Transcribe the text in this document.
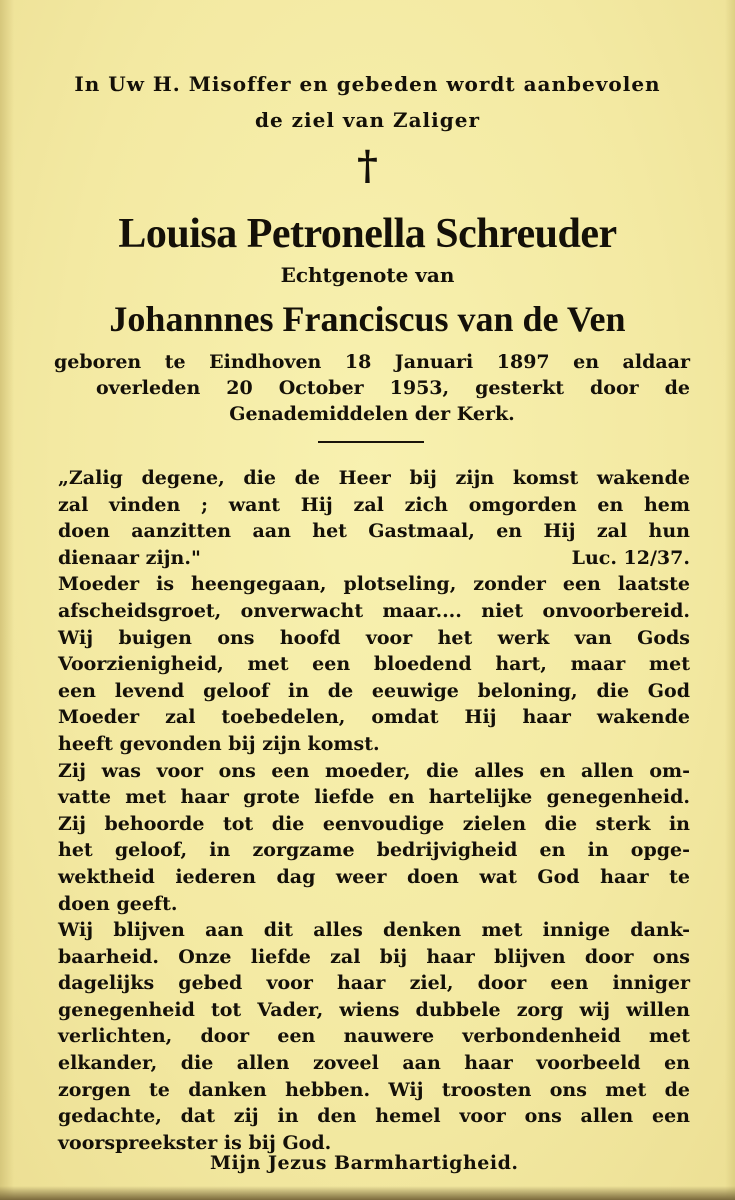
In Uw H. Misoffer en gebeden wordt aanbevolen
de ziel van Zaliger
†
Louisa Petronella Schreuder
Echtgenote van
Johannnes Franciscus van de Ven
geboren te Eindhoven 18 Januari 1897 en aldaar
overleden 20 October 1953, gesterkt door de
Genademiddelen der Kerk.
„Zalig degene, die de Heer bij zijn komst wakende
zal vinden ; want Hij zal zich omgorden en hem
doen aanzitten aan het Gastmaal, en Hij zal hun
dienaar zijn."	Luc. 12/37.
Moeder is heengegaan, plotseling, zonder een laatste
afscheidsgroet, onverwacht maar.... niet onvoorbereid.
Wij buigen ons hoofd voor het werk van Gods
Voorzienigheid, met een bloedend hart, maar met
een levend geloof in de eeuwige beloning, die God
Moeder zal toebedelen, omdat Hij haar wakende
heeft gevonden bij zijn komst.
Zij was voor ons een moeder, die alles en allen om-
vatte met haar grote liefde en hartelijke genegenheid.
Zij behoorde tot die eenvoudige zielen die sterk in
het geloof, in zorgzame bedrijvigheid en in opge-
wektheid iederen dag weer doen wat God haar te
doen geeft.
Wij blijven aan dit alles denken met innige dank-
baarheid. Onze liefde zal bij haar blijven door ons
dagelijks gebed voor haar ziel, door een inniger
genegenheid tot Vader, wiens dubbele zorg wij willen
verlichten, door een nauwere verbondenheid met
elkander, die allen zoveel aan haar voorbeeld en
zorgen te danken hebben. Wij troosten ons met de
gedachte, dat zij in den hemel voor ons allen een
voorspreekster is bij God.
Mijn Jezus Barmhartigheid.
